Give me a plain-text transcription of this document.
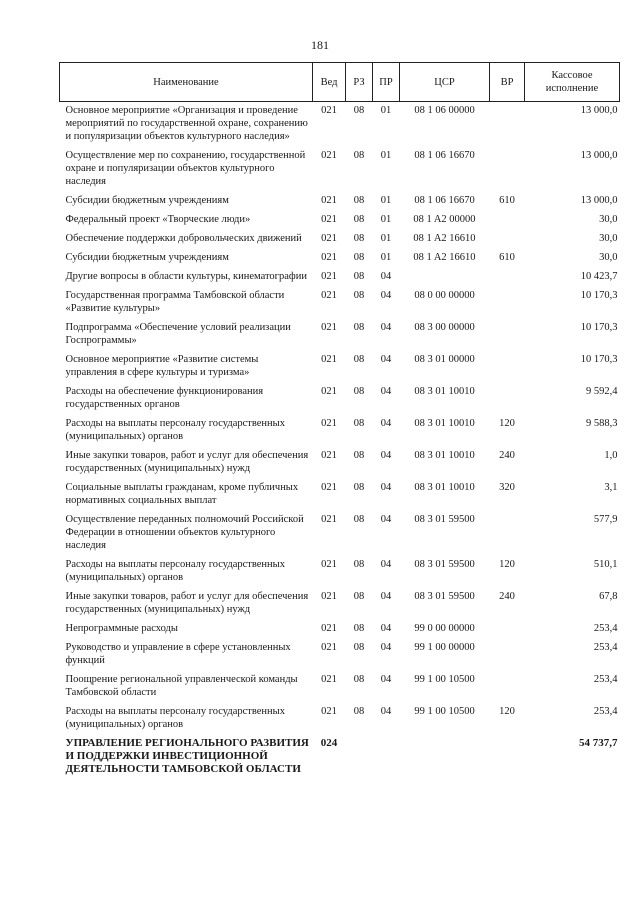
181
Наименование	Вед	РЗ	ПР	ЦСР	ВР	Кассовое исполнение
Основное мероприятие «Организация и проведение мероприятий по государственной охране, сохранению и популяризации объектов культурного наследия»	021	08	01	08 1 06 00000		13 000,0
Осуществление мер по сохранению, государственной охране и популяризации объектов культурного наследия	021	08	01	08 1 06 16670		13 000,0
Субсидии бюджетным учреждениям	021	08	01	08 1 06 16670	610	13 000,0
Федеральный проект «Творческие люди»	021	08	01	08 1 A2 00000		30,0
Обеспечение поддержки добровольческих движений	021	08	01	08 1 A2 16610		30,0
Субсидии бюджетным учреждениям	021	08	01	08 1 A2 16610	610	30,0
Другие вопросы в области культуры, кинематографии	021	08	04			10 423,7
Государственная программа Тамбовской области «Развитие культуры»	021	08	04	08 0 00 00000		10 170,3
Подпрограмма «Обеспечение условий реализации Госпрограммы»	021	08	04	08 3 00 00000		10 170,3
Основное мероприятие «Развитие системы управления в сфере культуры и туризма»	021	08	04	08 3 01 00000		10 170,3
Расходы на обеспечение функционирования государственных органов	021	08	04	08 3 01 10010		9 592,4
Расходы на выплаты персоналу государственных (муниципальных) органов	021	08	04	08 3 01 10010	120	9 588,3
Иные закупки товаров, работ и услуг для обеспечения государственных (муниципальных) нужд	021	08	04	08 3 01 10010	240	1,0
Социальные выплаты гражданам, кроме публичных нормативных социальных выплат	021	08	04	08 3 01 10010	320	3,1
Осуществление переданных полномочий Российской Федерации в отношении объектов культурного наследия	021	08	04	08 3 01 59500		577,9
Расходы на выплаты персоналу государственных (муниципальных) органов	021	08	04	08 3 01 59500	120	510,1
Иные закупки товаров, работ и услуг для обеспечения государственных (муниципальных) нужд	021	08	04	08 3 01 59500	240	67,8
Непрограммные расходы	021	08	04	99 0 00 00000		253,4
Руководство и управление в сфере установленных функций	021	08	04	99 1 00 00000		253,4
Поощрение региональной управленческой команды Тамбовской области	021	08	04	99 1 00 10500		253,4
Расходы на выплаты персоналу государственных (муниципальных) органов	021	08	04	99 1 00 10500	120	253,4
УПРАВЛЕНИЕ РЕГИОНАЛЬНОГО РАЗВИТИЯ И ПОДДЕРЖКИ ИНВЕСТИЦИОННОЙ ДЕЯТЕЛЬНОСТИ ТАМБОВСКОЙ ОБЛАСТИ	024					54 737,7
